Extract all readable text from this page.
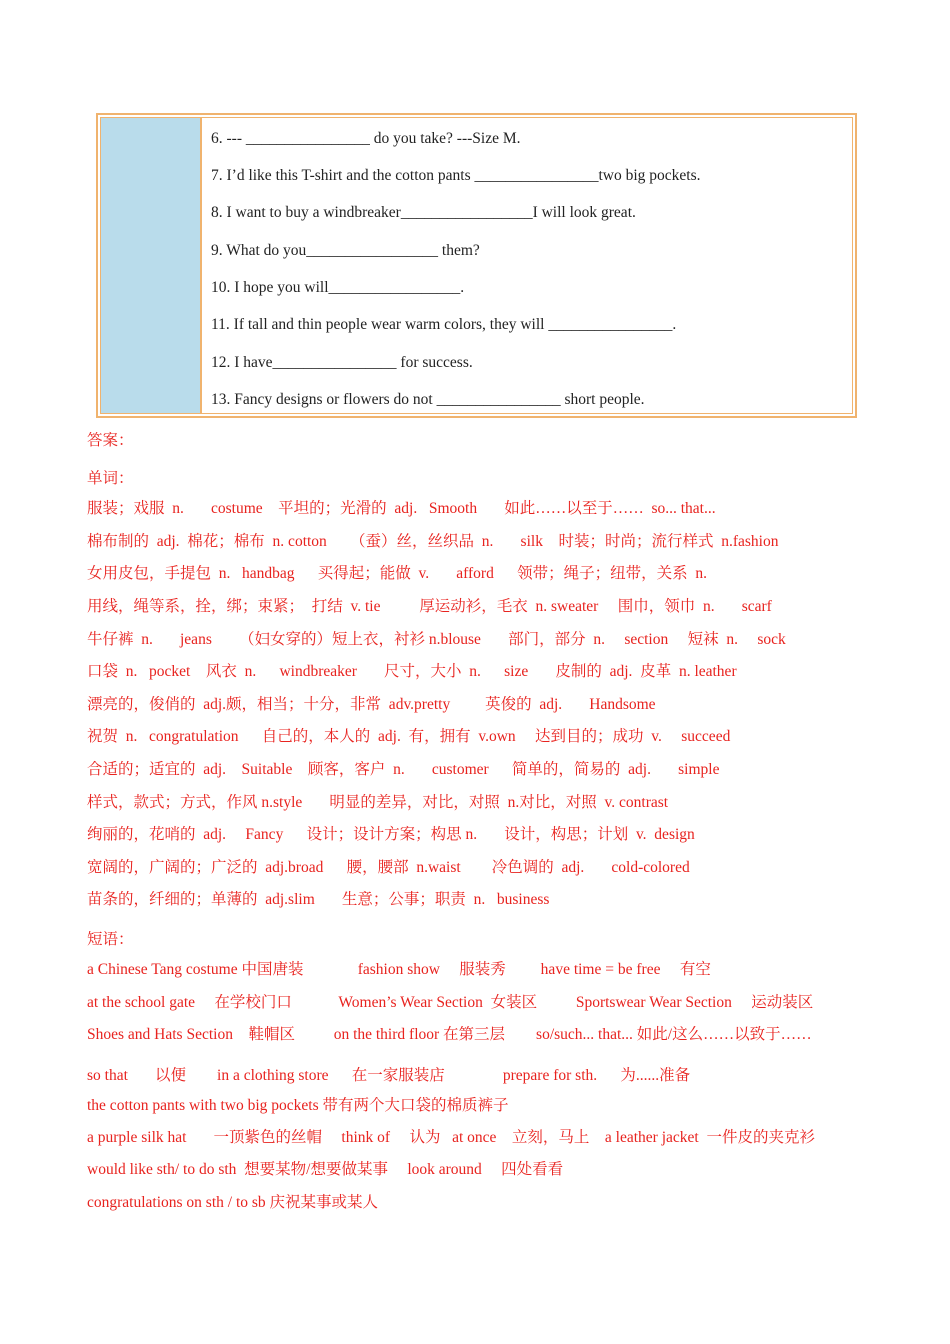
6. --- ________________ do you take? ---Size M.
7. I’d like this T-shirt and the cotton pants ________________two big pockets.
8. I want to buy a windbreaker_________________I will look great.
9. What do you_________________ them?
10. I hope you will_________________.
11. If tall and thin people wear warm colors, they will ________________.
12. I have________________ for success.
13. Fancy designs or flowers do not ________________ short people.
答案：
单词：
服装；戏服  n.       costume    平坦的；光滑的  adj.   Smooth       如此……以至于……  so... that...
棉布制的  adj.  棉花；棉布  n. cotton      （蚕）丝，丝织品  n.       silk    时装；时尚；流行样式  n.fashion
女用皮包，手提包  n.   handbag      买得起；能做  v.       afford      领带；绳子；纽带，关系  n.
用线，绳等系，拴，绑；束紧；  打结  v. tie          厚运动衫，毛衣  n. sweater     围巾，领巾  n.       scarf
牛仔裤  n.       jeans       （妇女穿的）短上衣，衬衫 n.blouse       部门，部分  n.     section     短袜  n.     sock
口袋  n.   pocket    风衣  n.      windbreaker       尺寸，大小  n.      size       皮制的  adj.  皮革  n. leather
漂亮的，俊俏的  adj.颇，相当；十分，非常  adv.pretty         英俊的  adj.       Handsome
祝贺  n.   congratulation      自己的，本人的  adj.  有，拥有  v.own     达到目的；成功  v.     succeed
合适的；适宜的  adj.    Suitable    顾客，客户  n.       customer      简单的，简易的  adj.       simple
样式，款式；方式，作风 n.style       明显的差异，对比，对照  n.对比，对照  v. contrast
绚丽的，花哨的  adj.     Fancy      设计；设计方案；构思 n.       设计，构思；计划  v.  design
宽阔的，广阔的；广泛的  adj.broad      腰，腰部  n.waist        冷色调的  adj.       cold-colored
苗条的，纤细的；单薄的  adj.slim       生意；公事；职责  n.   business
短语：
a Chinese Tang costume 中国唐装              fashion show     服装秀         have time = be free     有空
at the school gate     在学校门口            Women’s Wear Section  女装区          Sportswear Wear Section     运动装区
Shoes and Hats Section    鞋帽区          on the third floor 在第三层        so/such... that... 如此/这么……以致于……
so that       以便        in a clothing store      在一家服装店               prepare for sth.      为......准备
the cotton pants with two big pockets 带有两个大口袋的棉质裤子
a purple silk hat       一顶紫色的丝帽     think of     认为   at once    立刻，马上    a leather jacket  一件皮的夹克衫
would like sth/ to do sth  想要某物/想要做某事     look around     四处看看
congratulations on sth / to sb 庆祝某事或某人
